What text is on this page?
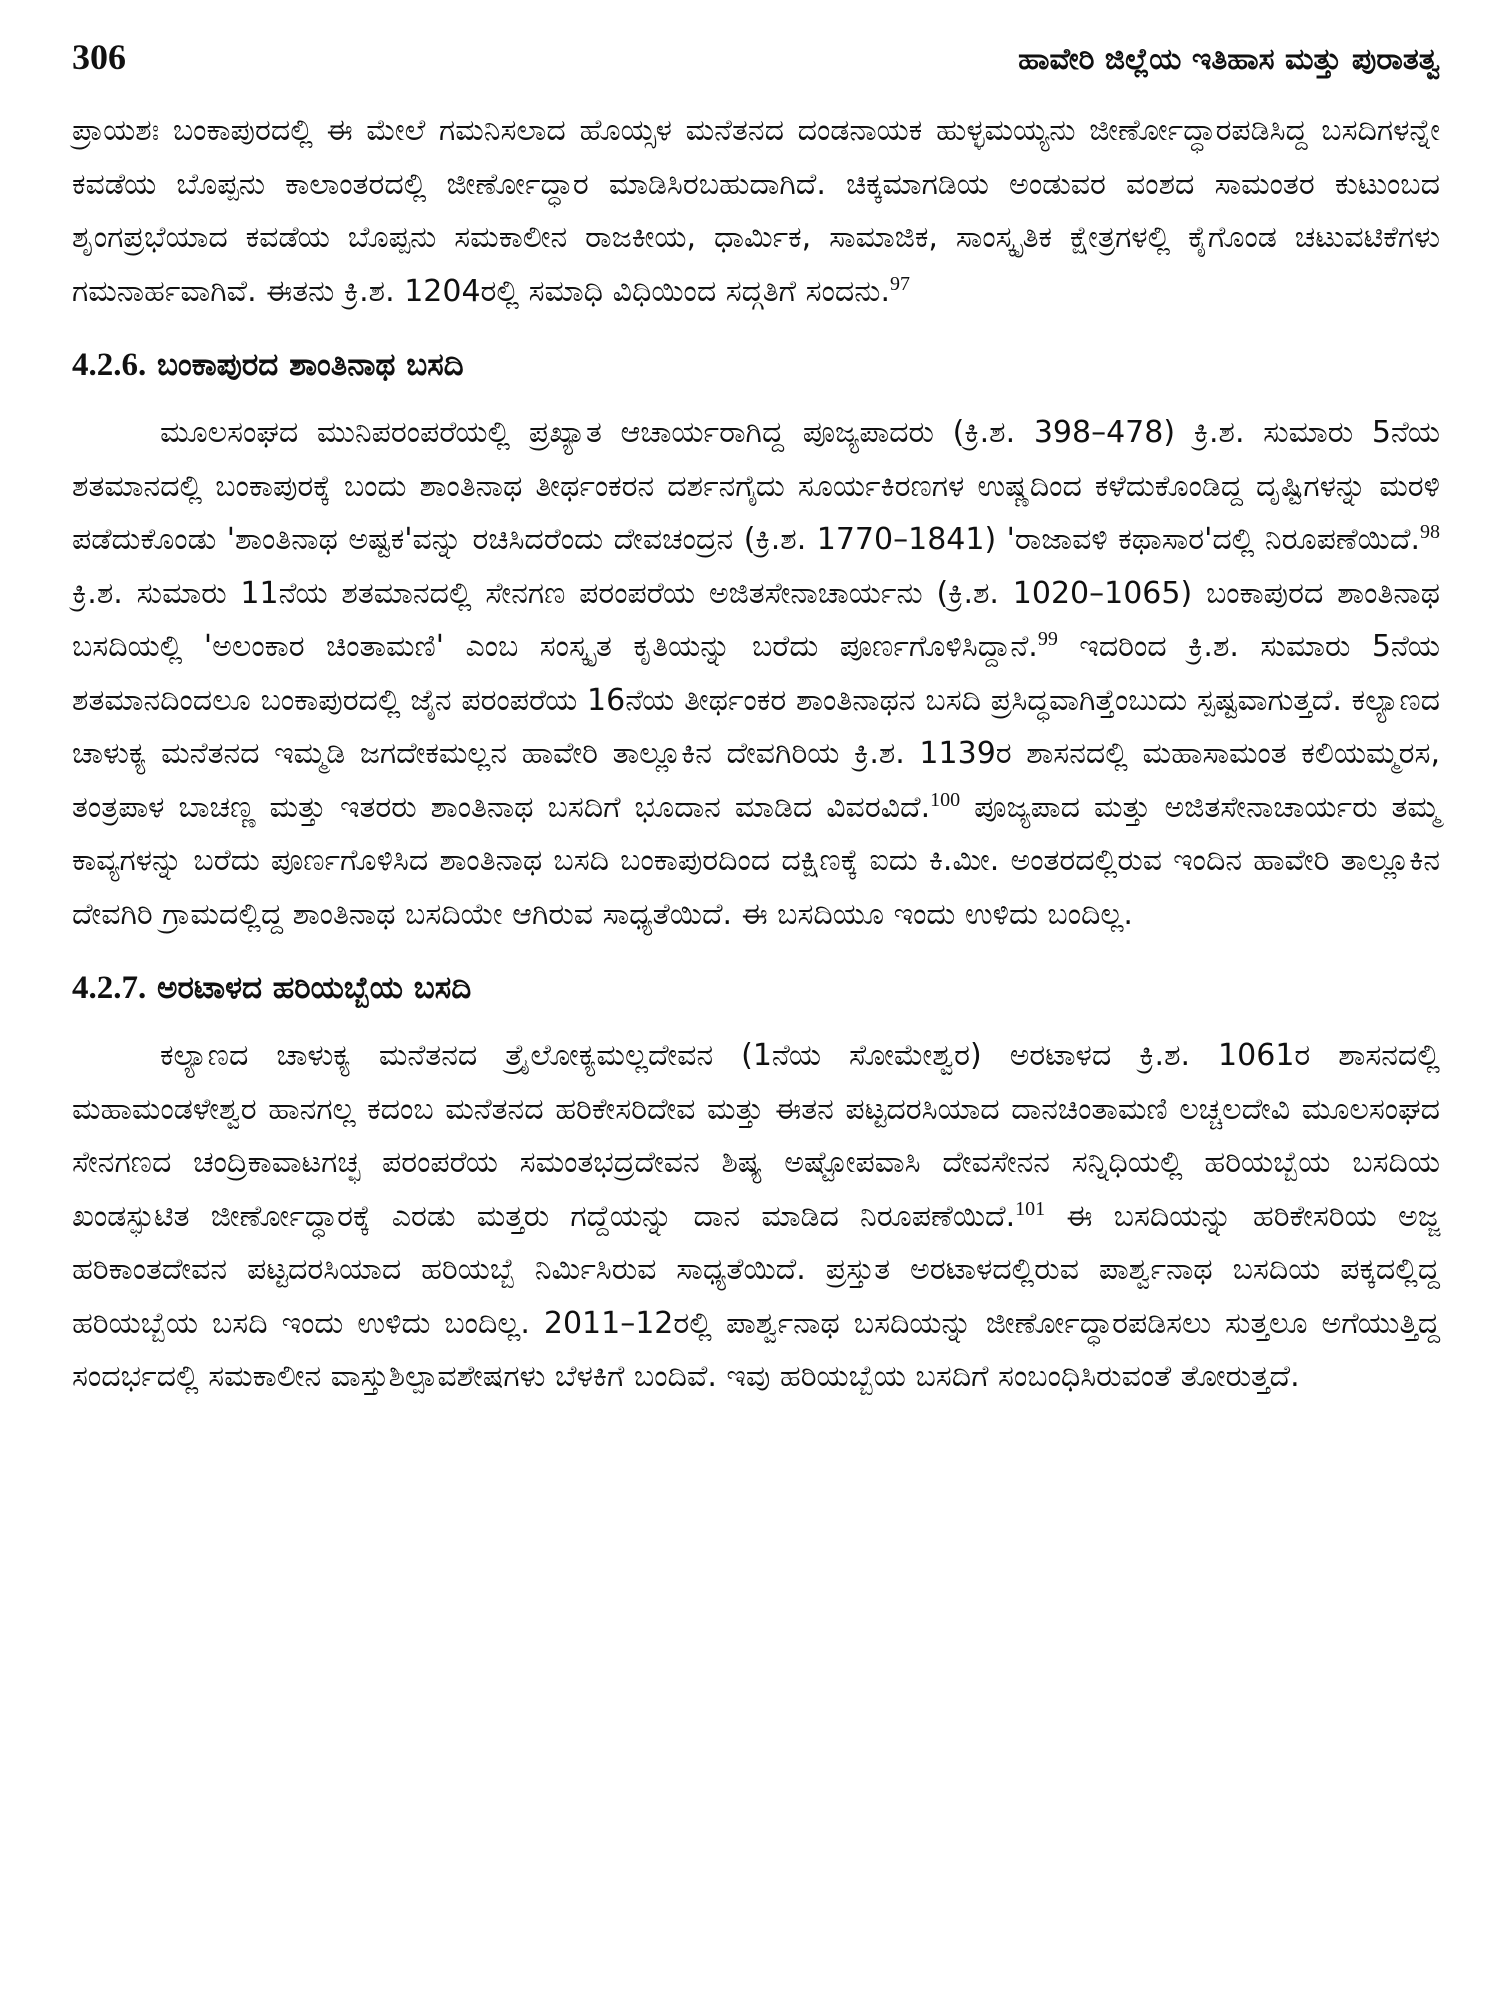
306	ಹಾವೇರಿ ಜಿಲ್ಲೆಯ ಇತಿಹಾಸ ಮತ್ತು ಪುರಾತತ್ವ

ಪ್ರಾಯಶಃ ಬಂಕಾಪುರದಲ್ಲಿ ಈ ಮೇಲೆ ಗಮನಿಸಲಾದ ಹೊಯ್ಸಳ ಮನೆತನದ ದಂಡನಾಯಕ ಹುಳ್ಳಮಯ್ಯನು ಜೀರ್ಣೋದ್ಧಾರಪಡಿಸಿದ್ದ ಬಸದಿಗಳನ್ನೇ ಕವಡೆಯ ಬೊಪ್ಪನು ಕಾಲಾಂತರದಲ್ಲಿ ಜೀರ್ಣೋದ್ಧಾರ ಮಾಡಿಸಿರಬಹುದಾಗಿದೆ. ಚಿಕ್ಕಮಾಗಡಿಯ ಅಂಡುವರ ವಂಶದ ಸಾಮಂತರ ಕುಟುಂಬದ ಶೃಂಗಪ್ರಭೆಯಾದ ಕವಡೆಯ ಬೊಪ್ಪನು ಸಮಕಾಲೀನ ರಾಜಕೀಯ, ಧಾರ್ಮಿಕ, ಸಾಮಾಜಿಕ, ಸಾಂಸ್ಕೃತಿಕ ಕ್ಷೇತ್ರಗಳಲ್ಲಿ ಕೈಗೊಂಡ ಚಟುವಟಿಕೆಗಳು ಗಮನಾರ್ಹವಾಗಿವೆ. ಈತನು ಕ್ರಿ.ಶ. 1204ರಲ್ಲಿ ಸಮಾಧಿ ವಿಧಿಯಿಂದ ಸದ್ಗತಿಗೆ ಸಂದನು.$^{97}$

4.2.6. ಬಂಕಾಪುರದ ಶಾಂತಿನಾಥ ಬಸದಿ

ಮೂಲಸಂಘದ ಮುನಿಪರಂಪರೆಯಲ್ಲಿ ಪ್ರಖ್ಯಾತ ಆಚಾರ್ಯರಾಗಿದ್ದ ಪೂಜ್ಯಪಾದರು (ಕ್ರಿ.ಶ. 398–478) ಕ್ರಿ.ಶ. ಸುಮಾರು 5ನೆಯ ಶತಮಾನದಲ್ಲಿ ಬಂಕಾಪುರಕ್ಕೆ ಬಂದು ಶಾಂತಿನಾಥ ತೀರ್ಥಂಕರನ ದರ್ಶನಗೈದು ಸೂರ್ಯಕಿರಣಗಳ ಉಷ್ಣದಿಂದ ಕಳೆದುಕೊಂಡಿದ್ದ ದೃಷ್ಟಿಗಳನ್ನು ಮರಳಿ ಪಡೆದುಕೊಂಡು 'ಶಾಂತಿನಾಥ ಅಷ್ಟಕ'ವನ್ನು ರಚಿಸಿದರೆಂದು ದೇವಚಂದ್ರನ (ಕ್ರಿ.ಶ. 1770–1841) 'ರಾಜಾವಳಿ ಕಥಾಸಾರ'ದಲ್ಲಿ ನಿರೂಪಣೆಯಿದೆ.$^{98}$ ಕ್ರಿ.ಶ. ಸುಮಾರು 11ನೆಯ ಶತಮಾನದಲ್ಲಿ ಸೇನಗಣ ಪರಂಪರೆಯ ಅಜಿತಸೇನಾಚಾರ್ಯನು (ಕ್ರಿ.ಶ. 1020–1065) ಬಂಕಾಪುರದ ಶಾಂತಿನಾಥ ಬಸದಿಯಲ್ಲಿ 'ಅಲಂಕಾರ ಚಿಂತಾಮಣಿ' ಎಂಬ ಸಂಸ್ಕೃತ ಕೃತಿಯನ್ನು ಬರೆದು ಪೂರ್ಣಗೊಳಿಸಿದ್ದಾನೆ.$^{99}$ ಇದರಿಂದ ಕ್ರಿ.ಶ. ಸುಮಾರು 5ನೆಯ ಶತಮಾನದಿಂದಲೂ ಬಂಕಾಪುರದಲ್ಲಿ ಜೈನ ಪರಂಪರೆಯ 16ನೆಯ ತೀರ್ಥಂಕರ ಶಾಂತಿನಾಥನ ಬಸದಿ ಪ್ರಸಿದ್ಧವಾಗಿತ್ತೆಂಬುದು ಸ್ಪಷ್ಟವಾಗುತ್ತದೆ. ಕಲ್ಯಾಣದ ಚಾಳುಕ್ಯ ಮನೆತನದ ಇಮ್ಮಡಿ ಜಗದೇಕಮಲ್ಲನ ಹಾವೇರಿ ತಾಲ್ಲೂಕಿನ ದೇವಗಿರಿಯ ಕ್ರಿ.ಶ. 1139ರ ಶಾಸನದಲ್ಲಿ ಮಹಾಸಾಮಂತ ಕಲಿಯಮ್ಮರಸ, ತಂತ್ರಪಾಳ ಬಾಚಣ್ಣ ಮತ್ತು ಇತರರು ಶಾಂತಿನಾಥ ಬಸದಿಗೆ ಭೂದಾನ ಮಾಡಿದ ವಿವರವಿದೆ.$^{100}$ ಪೂಜ್ಯಪಾದ ಮತ್ತು ಅಜಿತಸೇನಾಚಾರ್ಯರು ತಮ್ಮ ಕಾವ್ಯಗಳನ್ನು ಬರೆದು ಪೂರ್ಣಗೊಳಿಸಿದ ಶಾಂತಿನಾಥ ಬಸದಿ ಬಂಕಾಪುರದಿಂದ ದಕ್ಷಿಣಕ್ಕೆ ಐದು ಕಿ.ಮೀ. ಅಂತರದಲ್ಲಿರುವ ಇಂದಿನ ಹಾವೇರಿ ತಾಲ್ಲೂಕಿನ ದೇವಗಿರಿ ಗ್ರಾಮದಲ್ಲಿದ್ದ ಶಾಂತಿನಾಥ ಬಸದಿಯೇ ಆಗಿರುವ ಸಾಧ್ಯತೆಯಿದೆ. ಈ ಬಸದಿಯೂ ಇಂದು ಉಳಿದು ಬಂದಿಲ್ಲ.

4.2.7. ಅರಟಾಳದ ಹರಿಯಬ್ಬೆಯ ಬಸದಿ

ಕಲ್ಯಾಣದ ಚಾಳುಕ್ಯ ಮನೆತನದ ತ್ರೈಲೋಕ್ಯಮಲ್ಲದೇವನ (1ನೆಯ ಸೋಮೇಶ್ವರ) ಅರಟಾಳದ ಕ್ರಿ.ಶ. 1061ರ ಶಾಸನದಲ್ಲಿ ಮಹಾಮಂಡಳೇಶ್ವರ ಹಾನಗಲ್ಲ ಕದಂಬ ಮನೆತನದ ಹರಿಕೇಸರಿದೇವ ಮತ್ತು ಈತನ ಪಟ್ಟದರಸಿಯಾದ ದಾನಚಿಂತಾಮಣಿ ಲಚ್ಚಲದೇವಿ ಮೂಲಸಂಘದ ಸೇನಗಣದ ಚಂದ್ರಿಕಾವಾಟಗಚ್ಛ ಪರಂಪರೆಯ ಸಮಂತಭದ್ರದೇವನ ಶಿಷ್ಯ ಅಷ್ಟೋಪವಾಸಿ ದೇವಸೇನನ ಸನ್ನಿಧಿಯಲ್ಲಿ ಹರಿಯಬ್ಬೆಯ ಬಸದಿಯ ಖಂಡಸ್ಫುಟಿತ ಜೀರ್ಣೋದ್ಧಾರಕ್ಕೆ ಎರಡು ಮತ್ತರು ಗದ್ದೆಯನ್ನು ದಾನ ಮಾಡಿದ ನಿರೂಪಣೆಯಿದೆ.$^{101}$ ಈ ಬಸದಿಯನ್ನು ಹರಿಕೇಸರಿಯ ಅಜ್ಜ ಹರಿಕಾಂತದೇವನ ಪಟ್ಟದರಸಿಯಾದ ಹರಿಯಬ್ಬೆ ನಿರ್ಮಿಸಿರುವ ಸಾಧ್ಯತೆಯಿದೆ. ಪ್ರಸ್ತುತ ಅರಟಾಳದಲ್ಲಿರುವ ಪಾರ್ಶ್ವನಾಥ ಬಸದಿಯ ಪಕ್ಕದಲ್ಲಿದ್ದ ಹರಿಯಬ್ಬೆಯ ಬಸದಿ ಇಂದು ಉಳಿದು ಬಂದಿಲ್ಲ. 2011–12ರಲ್ಲಿ ಪಾರ್ಶ್ವನಾಥ ಬಸದಿಯನ್ನು ಜೀರ್ಣೋದ್ಧಾರಪಡಿಸಲು ಸುತ್ತಲೂ ಅಗೆಯುತ್ತಿದ್ದ ಸಂದರ್ಭದಲ್ಲಿ ಸಮಕಾಲೀನ ವಾಸ್ತುಶಿಲ್ಪಾವಶೇಷಗಳು ಬೆಳಕಿಗೆ ಬಂದಿವೆ. ಇವು ಹರಿಯಬ್ಬೆಯ ಬಸದಿಗೆ ಸಂಬಂಧಿಸಿರುವಂತೆ ತೋರುತ್ತದೆ.
